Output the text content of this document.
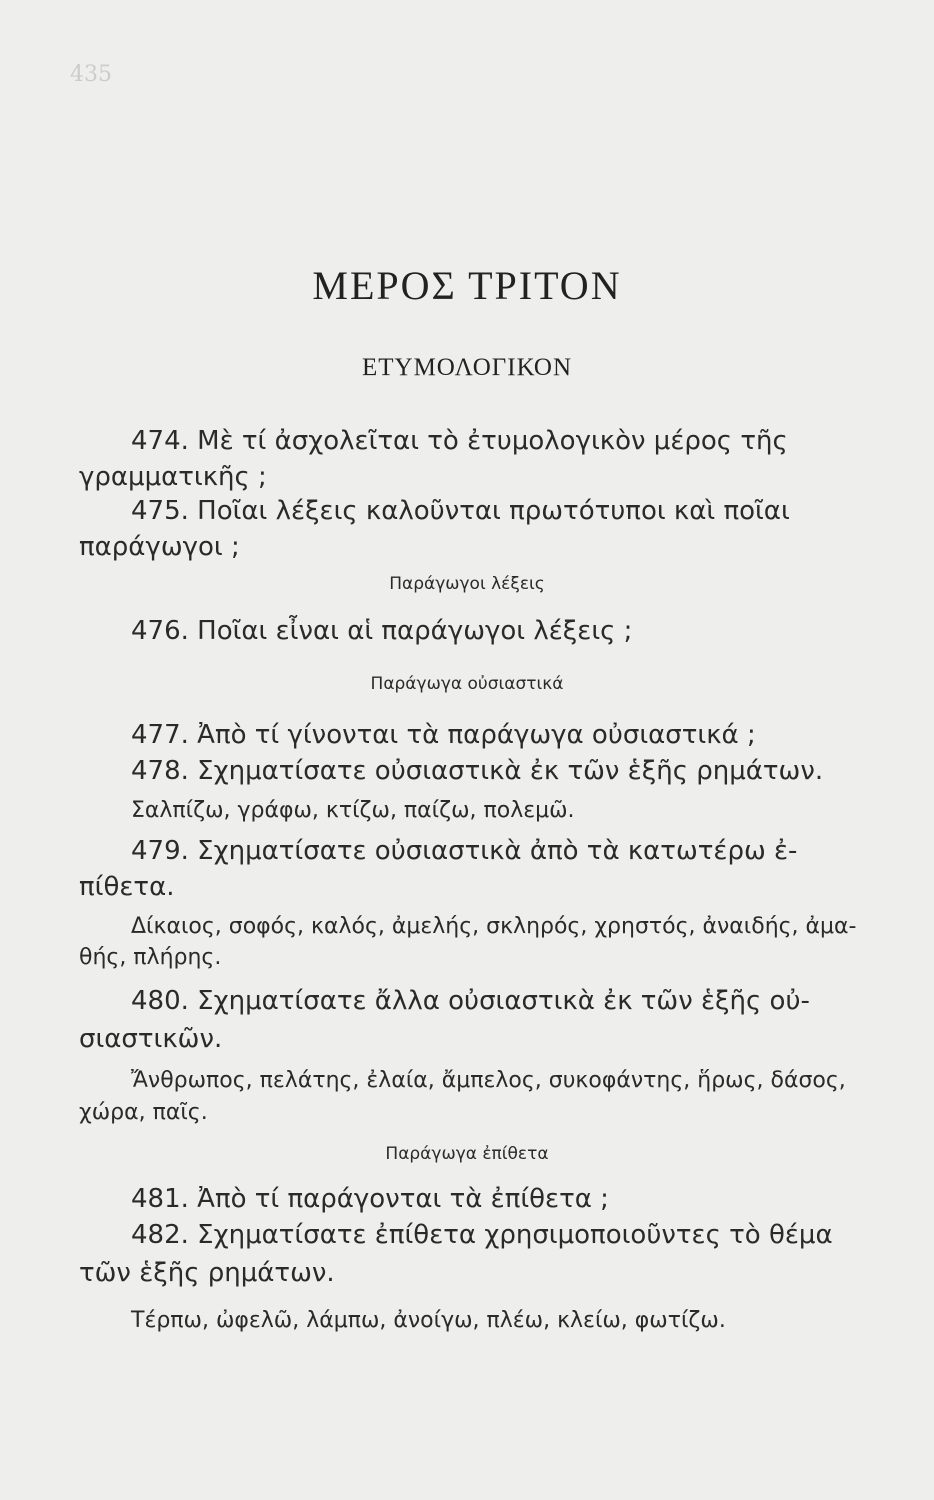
435

ΜΕΡΟΣ ΤΡΙΤΟΝ
ΕΤΥΜΟΛΟΓΙΚΟΝ
474. Μὲ τί ἀσχολεῖται τὸ ἐτυμολογικὸν μέρος τῆς
γραμματικῆς ;
475. Ποῖαι λέξεις καλοῦνται πρωτότυποι καὶ ποῖαι
παράγωγοι ;
Παράγωγοι λέξεις
476. Ποῖαι εἶναι αἱ παράγωγοι λέξεις ;
Παράγωγα οὐσιαστικά
477. Ἀπὸ τί γίνονται τὰ παράγωγα οὐσιαστικά ;
478. Σχηματίσατε οὐσιαστικὰ ἐκ τῶν ἑξῆς ρημάτων.
Σαλπίζω, γράφω, κτίζω, παίζω, πολεμῶ.
479. Σχηματίσατε οὐσιαστικὰ ἀπὸ τὰ κατωτέρω ἐ-
πίθετα.
Δίκαιος, σοφός, καλός, ἀμελής, σκληρός, χρηστός, ἀναιδής, ἀμα-
θής, πλήρης.
480. Σχηματίσατε ἄλλα οὐσιαστικὰ ἐκ τῶν ἑξῆς οὐ-
σιαστικῶν.
Ἄνθρωπος, πελάτης, ἐλαία, ἄμπελος, συκοφάντης, ἥρως, δάσος,
χώρα, παῖς.
Παράγωγα ἐπίθετα
481. Ἀπὸ τί παράγονται τὰ ἐπίθετα ;
482. Σχηματίσατε ἐπίθετα χρησιμοποιοῦντες τὸ θέμα
τῶν ἑξῆς ρημάτων.
Τέρπω, ὠφελῶ, λάμπω, ἀνοίγω, πλέω, κλείω, φωτίζω.
